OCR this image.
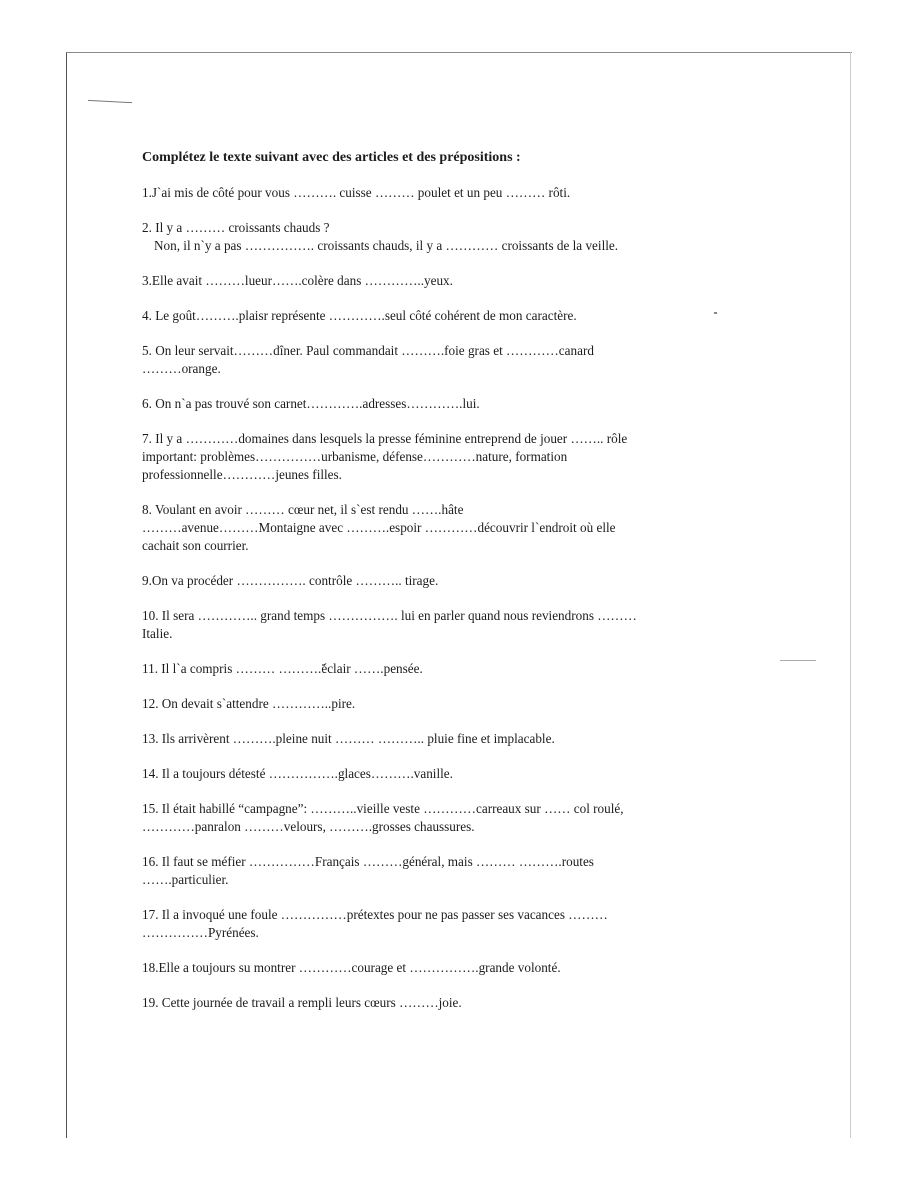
Complétez le texte suivant avec des articles et des prépositions :
1.J`ai mis de côté pour vous ………. cuisse ……… poulet et un peu ……… rôti.
2. Il y a ……… croissants chauds ?
Non, il n`y a pas ……………. croissants chauds, il y a ………… croissants de la veille.
3.Elle avait ………lueur…….colère dans …………..yeux.
4. Le goût……….plaisr représente ………….seul côté cohérent de mon caractère.
5. On leur servait………dîner. Paul commandait ……….foie gras et …………canard
………orange.
6. On n`a pas trouvé son carnet………….adresses………….lui.
7. Il y a …………domaines dans lesquels la presse féminine entreprend de jouer …….. rôle
important: problèmes……………urbanisme, défense…………nature, formation
professionnelle…………jeunes filles.
8. Voulant en avoir ……… cœur net, il s`est rendu …….hâte
………avenue………Montaigne avec ……….espoir …………découvrir l`endroit où elle
cachait son courrier.
9.On va procéder ……………. contrôle ……….. tirage.
10. Il sera ………….. grand temps ……………. lui en parler quand nous reviendrons ………
Italie.
11. Il l`a compris ……… ……….éclair …….pensée.
12. On devait s`attendre …………..pire.
13. Ils arrivèrent ……….pleine nuit ……… ……….. pluie fine et implacable.
14. Il a toujours détesté …………….glaces……….vanille.
15. Il était habillé “campagne”: ………..vieille veste …………carreaux sur …… col roulé,
…………panralon ………velours, ……….grosses chaussures.
16. Il faut se méfier ……………Français ………général, mais ……… ……….routes
…….particulier.
17. Il a invoqué une foule ……………prétextes pour ne pas passer ses vacances ………
……………Pyrénées.
18.Elle a toujours su montrer …………courage et …………….grande volonté.
19. Cette journée de travail a rempli leurs cœurs ………joie.
